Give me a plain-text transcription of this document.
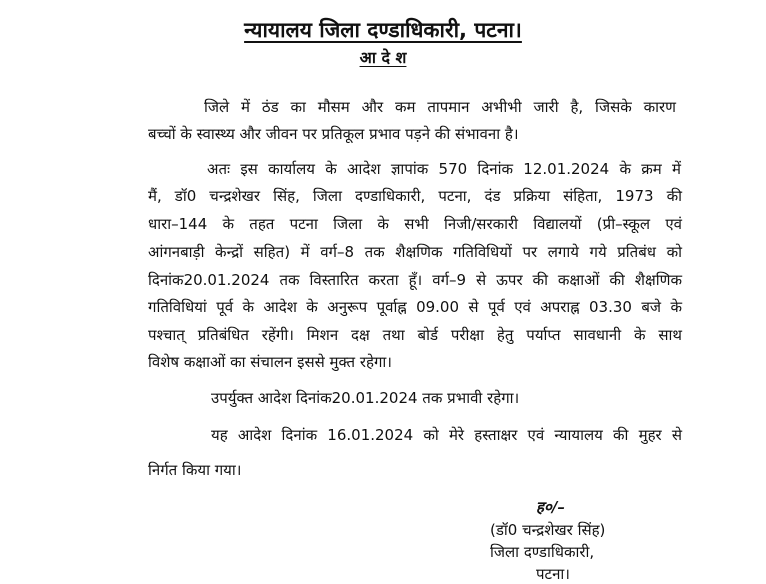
न्यायालय जिला दण्डाधिकारी, पटना।
आ दे श
जिले में ठंड का मौसम और कम तापमान अभीभी जारी है, जिसके कारण
बच्चों के स्वास्थ्य और जीवन पर प्रतिकूल प्रभाव पड़ने की संभावना है।
अतः इस कार्यालय के आदेश ज्ञापांक 570 दिनांक 12.01.2024 के क्रम में
मैं, डॉ0 चन्द्रशेखर सिंह, जिला दण्डाधिकारी, पटना, दंड प्रक्रिया संहिता, 1973 की
धारा–144 के तहत पटना जिला के सभी निजी/सरकारी विद्यालयों (प्री–स्कूल एवं
आंगनबाड़ी केन्द्रों सहित) में वर्ग–8 तक शैक्षणिक गतिविधियों पर लगाये गये प्रतिबंध को
दिनांक20.01.2024 तक विस्तारित करता हूँ। वर्ग–9 से ऊपर की कक्षाओं की शैक्षणिक
गतिविधियां पूर्व के आदेश के अनुरूप पूर्वाह्न 09.00 से पूर्व एवं अपराह्न 03.30 बजे के
पश्चात् प्रतिबंधित रहेंगी। मिशन दक्ष तथा बोर्ड परीक्षा हेतु पर्याप्त सावधानी के साथ
विशेष कक्षाओं का संचालन इससे मुक्त रहेगा।
उपर्युक्त आदेश दिनांक20.01.2024 तक प्रभावी रहेगा।
यह आदेश दिनांक 16.01.2024 को मेरे हस्ताक्षर एवं न्यायालय की मुहर से
निर्गत किया गया।
ह०/–
(डॉ0 चन्द्रशेखर सिंह)
जिला दण्डाधिकारी,
पटना।
